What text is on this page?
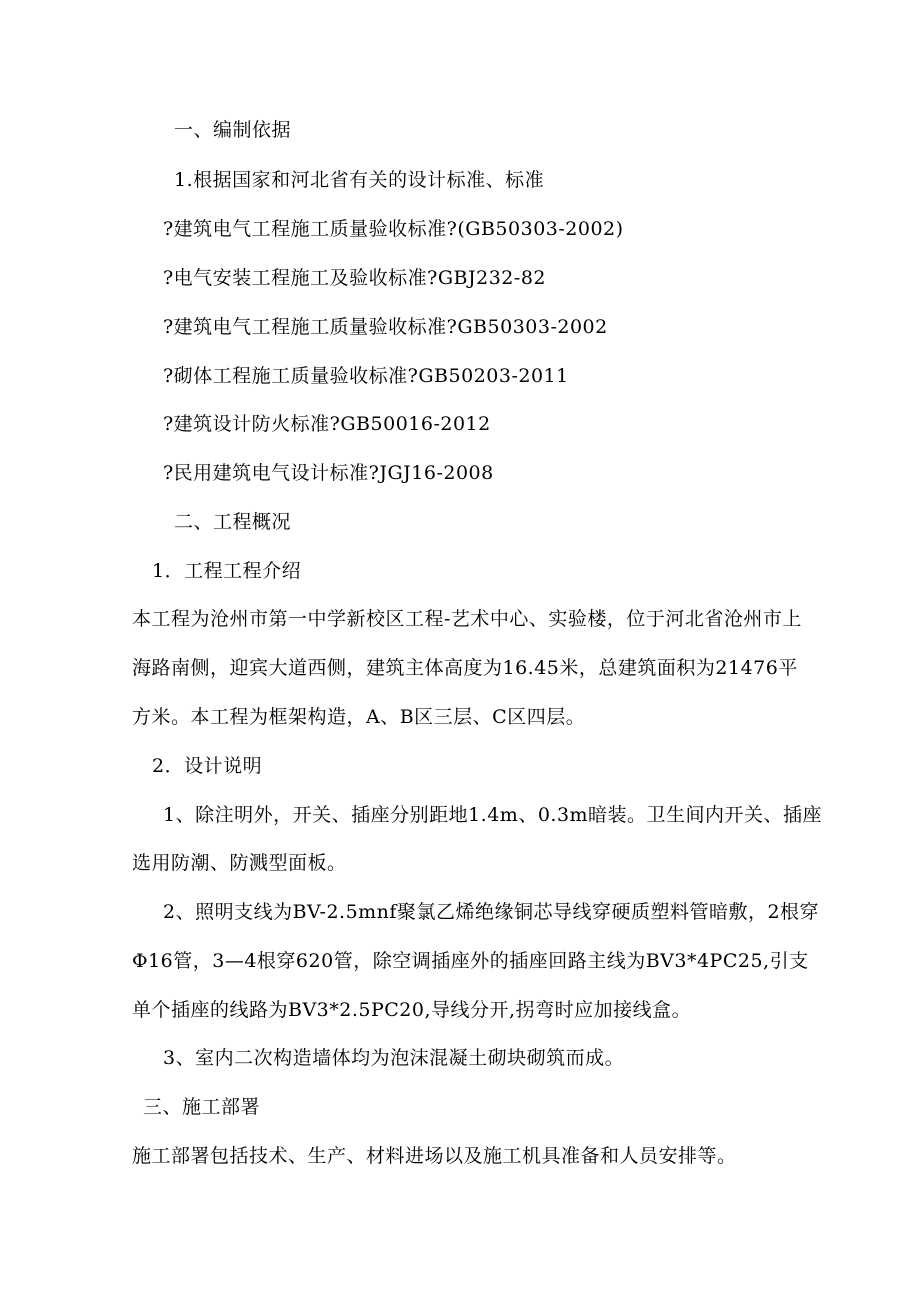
一、编制依据
1.根据国家和河北省有关的设计标准、标准
?建筑电气工程施工质量验收标准?(GB50303-2002)
?电气安装工程施工及验收标准?GBJ232-82
?建筑电气工程施工质量验收标准?GB50303-2002
?砌体工程施工质量验收标准?GB50203-2011
?建筑设计防火标准?GB50016-2012
?民用建筑电气设计标准?JGJ16-2008
二、工程概况
1．工程工程介绍
本工程为沧州市第一中学新校区工程-艺术中心、实验楼，位于河北省沧州市上
海路南侧，迎宾大道西侧，建筑主体高度为16.45米，总建筑面积为21476平
方米。本工程为框架构造，A、B区三层、C区四层。
2．设计说明
1、除注明外，开关、插座分别距地1.4m、0.3m暗装。卫生间内开关、插座
选用防潮、防溅型面板。
2、照明支线为BV-2.5mnf聚氯乙烯绝缘铜芯导线穿硬质塑料管暗敷，2根穿
Φ16管，3—4根穿620管，除空调插座外的插座回路主线为BV3*4PC25,引支
单个插座的线路为BV3*2.5PC20,导线分开,拐弯时应加接线盒。
3、室内二次构造墙体均为泡沫混凝土砌块砌筑而成。
三、施工部署
施工部署包括技术、生产、材料进场以及施工机具准备和人员安排等。
